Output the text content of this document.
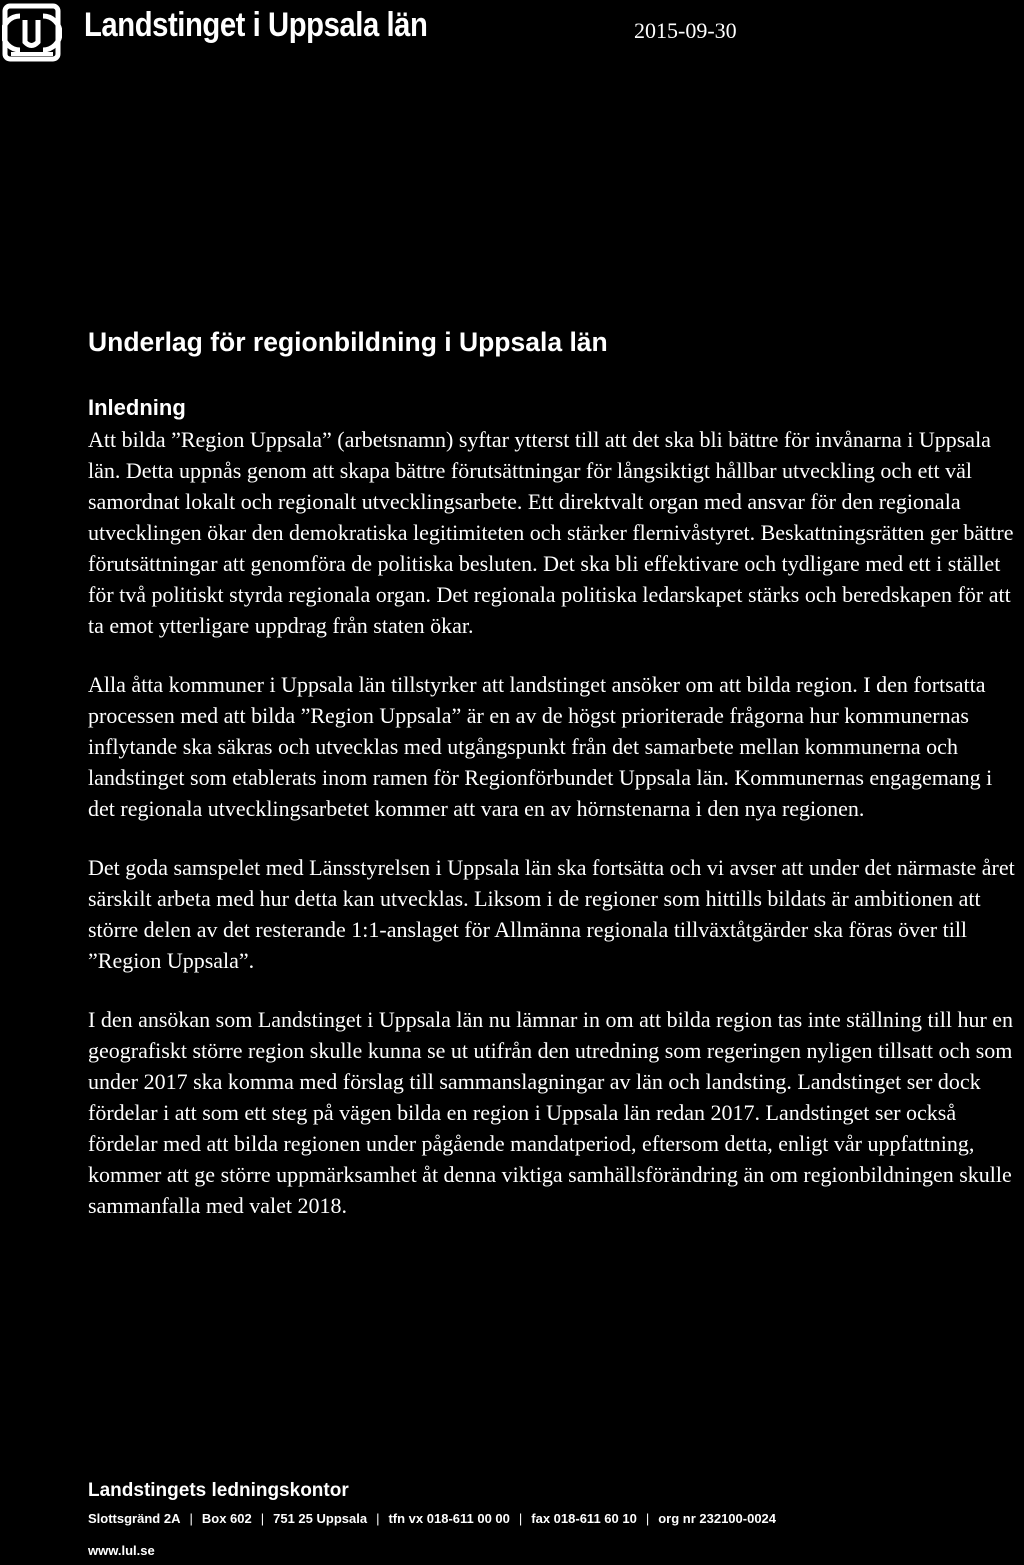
Landstinget i Uppsala län	2015-09-30
Underlag för regionbildning i Uppsala län
Inledning

Att bilda ”Region Uppsala” (arbetsnamn) syftar ytterst till att det ska bli bättre för invånarna i Uppsala län. Detta uppnås genom att skapa bättre förutsättningar för långsiktigt hållbar utveckling och ett väl samordnat lokalt och regionalt utvecklingsarbete. Ett direktvalt organ med ansvar för den regionala utvecklingen ökar den demokratiska legitimiteten och stärker flernivåstyret. Beskattningsrätten ger bättre förutsättningar att genomföra de politiska besluten. Det ska bli effektivare och tydligare med ett i stället för två politiskt styrda regionala organ. Det regionala politiska ledarskapet stärks och beredskapen för att ta emot ytterligare uppdrag från staten ökar.

Alla åtta kommuner i Uppsala län tillstyrker att landstinget ansöker om att bilda region. I den fortsatta processen med att bilda ”Region Uppsala” är en av de högst prioriterade frågorna hur kommunernas inflytande ska säkras och utvecklas med utgångspunkt från det samarbete mellan kommunerna och landstinget som etablerats inom ramen för Regionförbundet Uppsala län. Kommunernas engagemang i det regionala utvecklingsarbetet kommer att vara en av hörnstenarna i den nya regionen.

Det goda samspelet med Länsstyrelsen i Uppsala län ska fortsätta och vi avser att under det närmaste året särskilt arbeta med hur detta kan utvecklas. Liksom i de regioner som hittills bildats är ambitionen att större delen av det resterande 1:1-anslaget för Allmänna regionala tillväxtåtgärder ska föras över till ”Region Uppsala”.

I den ansökan som Landstinget i Uppsala län nu lämnar in om att bilda region tas inte ställning till hur en geografiskt större region skulle kunna se ut utifrån den utredning som regeringen nyligen tillsatt och som under 2017 ska komma med förslag till sammanslagningar av län och landsting. Landstinget ser dock fördelar i att som ett steg på vägen bilda en region i Uppsala län redan 2017. Landstinget ser också fördelar med att bilda regionen under pågående mandatperiod, eftersom detta, enligt vår uppfattning, kommer att ge större uppmärksamhet åt denna viktiga samhällsförändring än om regionbildningen skulle sammanfalla med valet 2018.

Landstingets ledningskontor
Slottsgränd 2A | Box 602 | 751 25 Uppsala | tfn vx 018-611 00 00 | fax 018-611 60 10 | org nr 232100-0024
www.lul.se
